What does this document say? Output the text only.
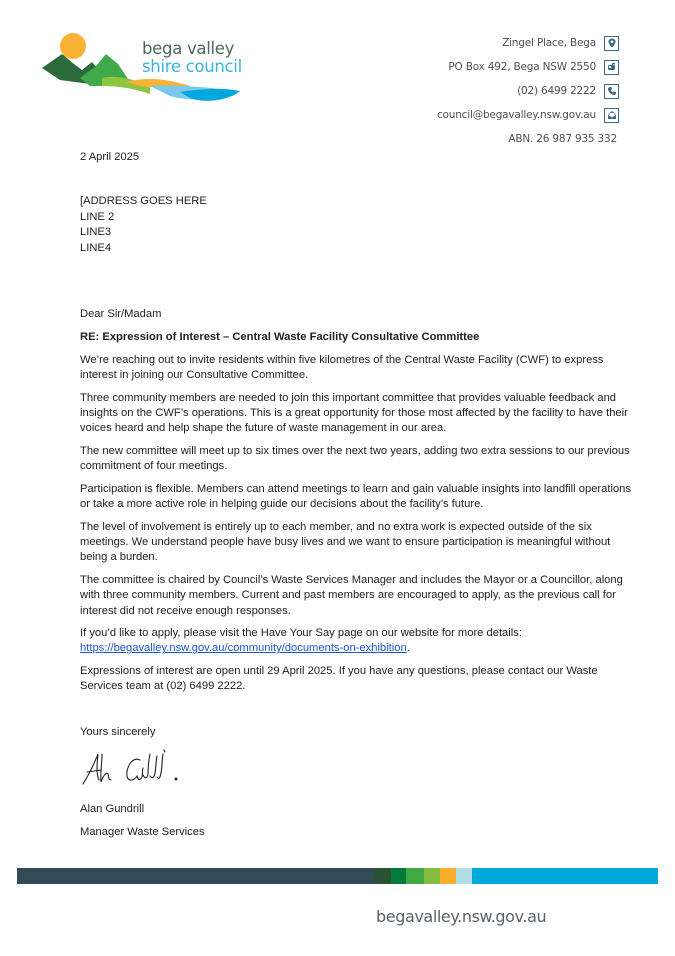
bega valley
shire council
Zingel Place, Bega
PO Box 492, Bega NSW 2550
(02) 6499 2222
council@begavalley.nsw.gov.au
ABN. 26 987 935 332
2 April 2025
[ADDRESS GOES HERE
LINE 2
LINE3
LINE4
Dear Sir/Madam
RE: Expression of Interest – Central Waste Facility Consultative Committee
We’re reaching out to invite residents within five kilometres of the Central Waste Facility (CWF) to express interest in joining our Consultative Committee.
Three community members are needed to join this important committee that provides valuable feedback and insights on the CWF’s operations. This is a great opportunity for those most affected by the facility to have their voices heard and help shape the future of waste management in our area.
The new committee will meet up to six times over the next two years, adding two extra sessions to our previous commitment of four meetings.
Participation is flexible. Members can attend meetings to learn and gain valuable insights into landfill operations or take a more active role in helping guide our decisions about the facility’s future.
The level of involvement is entirely up to each member, and no extra work is expected outside of the six meetings. We understand people have busy lives and we want to ensure participation is meaningful without being a burden.
The committee is chaired by Council’s Waste Services Manager and includes the Mayor or a Councillor, along with three community members. Current and past members are encouraged to apply, as the previous call for interest did not receive enough responses.
If you’d like to apply, please visit the Have Your Say page on our website for more details:
https://begavalley.nsw.gov.au/community/documents-on-exhibition.
Expressions of interest are open until 29 April 2025. If you have any questions, please contact our Waste Services team at (02) 6499 2222.
Yours sincerely
Alan Gundrill
Manager Waste Services
begavalley.nsw.gov.au
